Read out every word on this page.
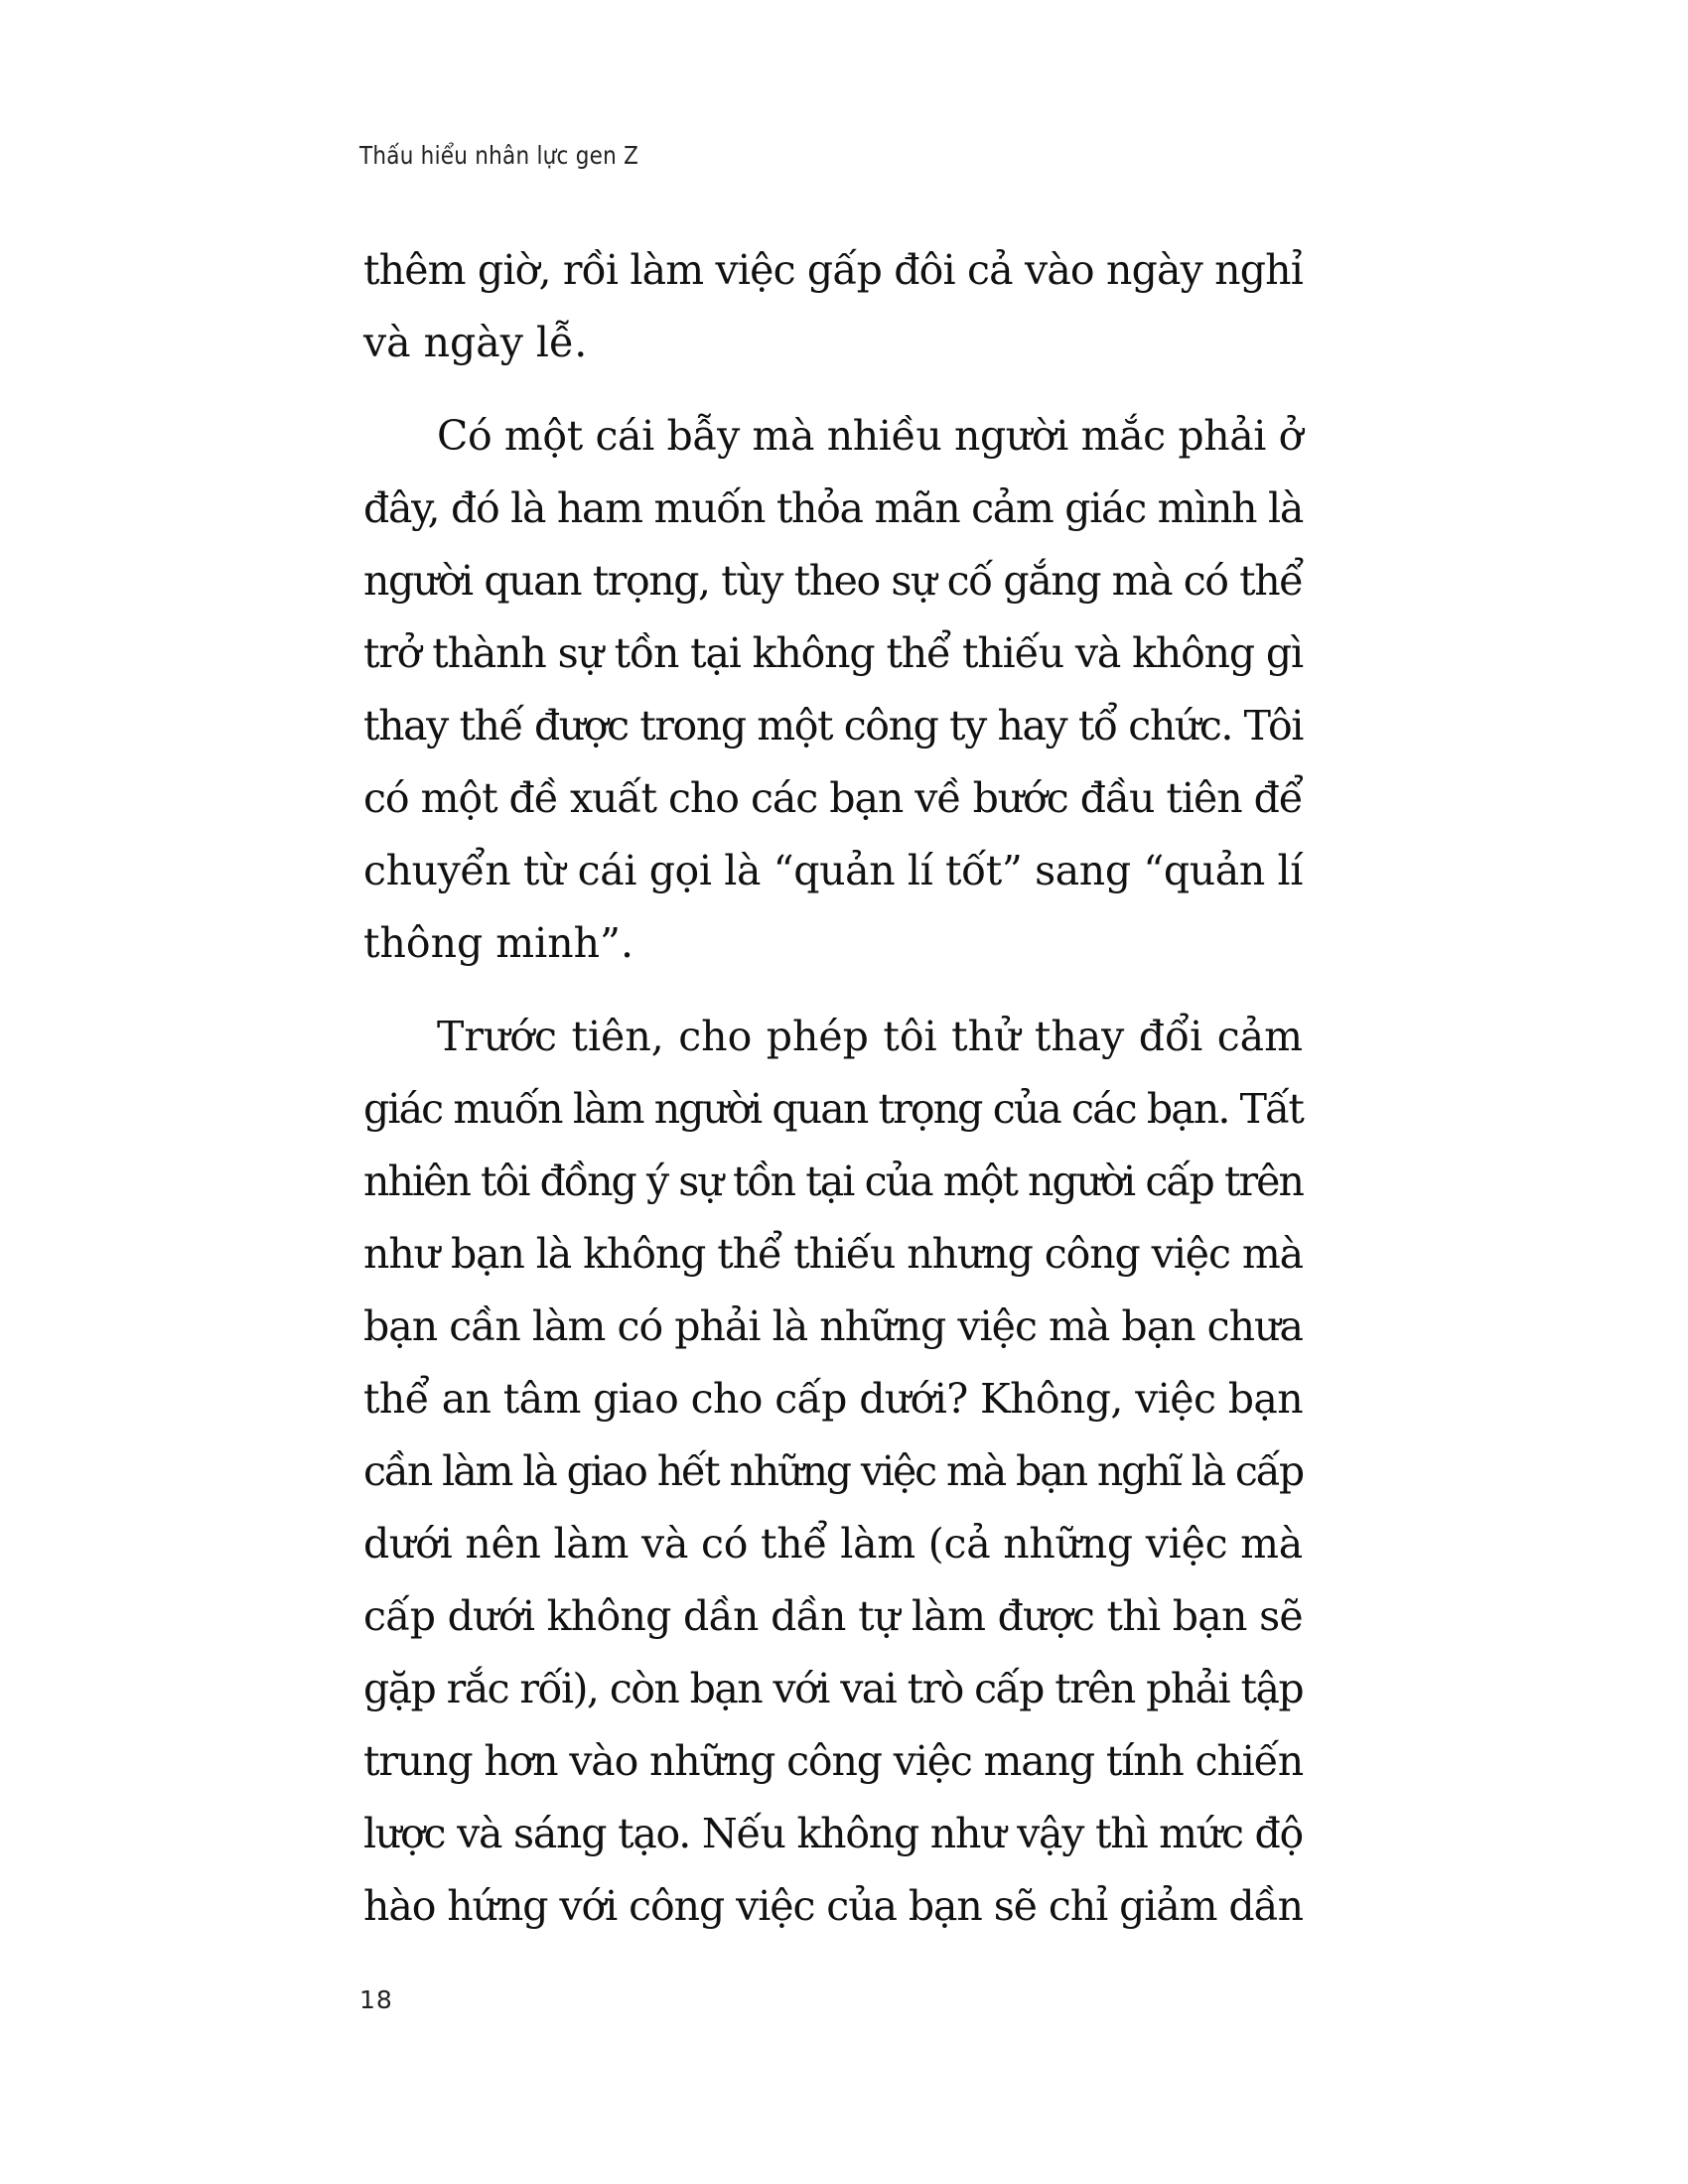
Thấu hiểu nhân lực gen Z
thêm giờ, rồi làm việc gấp đôi cả vào ngày nghỉ
và ngày lễ.
Có một cái bẫy mà nhiều người mắc phải ở
đây, đó là ham muốn thỏa mãn cảm giác mình là
người quan trọng, tùy theo sự cố gắng mà có thể
trở thành sự tồn tại không thể thiếu và không gì
thay thế được trong một công ty hay tổ chức. Tôi
có một đề xuất cho các bạn về bước đầu tiên để
chuyển từ cái gọi là “quản lí tốt” sang “quản lí
thông minh”.
Trước tiên, cho phép tôi thử thay đổi cảm
giác muốn làm người quan trọng của các bạn. Tất
nhiên tôi đồng ý sự tồn tại của một người cấp trên
như bạn là không thể thiếu nhưng công việc mà
bạn cần làm có phải là những việc mà bạn chưa
thể an tâm giao cho cấp dưới? Không, việc bạn
cần làm là giao hết những việc mà bạn nghĩ là cấp
dưới nên làm và có thể làm (cả những việc mà
cấp dưới không dần dần tự làm được thì bạn sẽ
gặp rắc rối), còn bạn với vai trò cấp trên phải tập
trung hơn vào những công việc mang tính chiến
lược và sáng tạo. Nếu không như vậy thì mức độ
hào hứng với công việc của bạn sẽ chỉ giảm dần
18
